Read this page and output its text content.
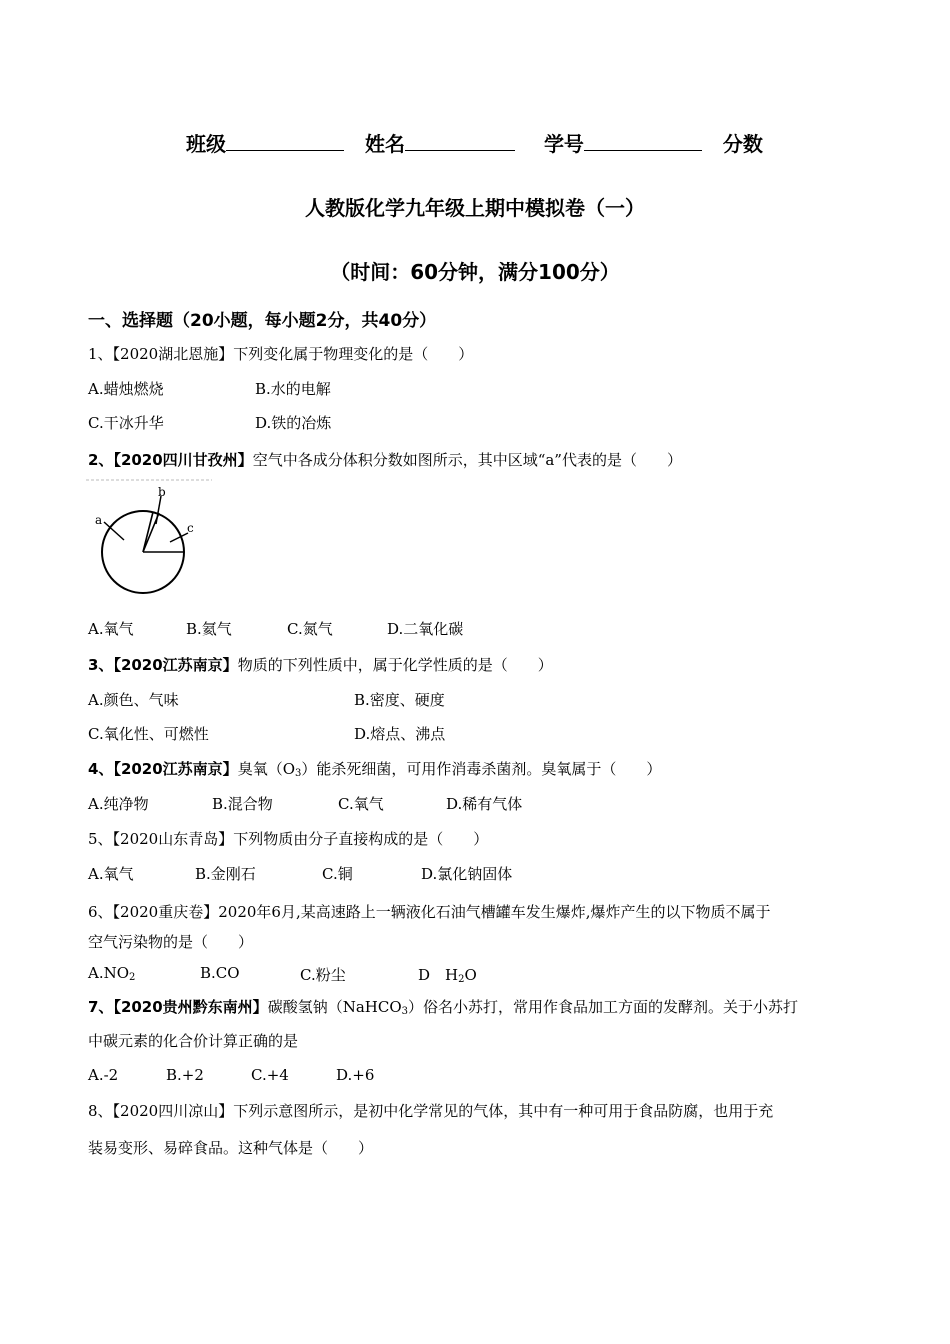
班级	姓名	学号	分数
人教版化学九年级上期中模拟卷（一）
（时间：60分钟，满分100分）
一、选择题（20小题，每小题2分，共40分）
1、【2020湖北恩施】下列变化属于物理变化的是（　　）
A.蜡烛燃烧	B.水的电解
C.干冰升华	D.铁的冶炼
2、【2020四川甘孜州】空气中各成分体积分数如图所示，其中区域“a”代表的是（　　）
a
b
c
A.氧气	B.氦气	C.氮气	D.二氧化碳
3、【2020江苏南京】物质的下列性质中，属于化学性质的是（　　）
A.颜色、气味	B.密度、硬度
C.氧化性、可燃性	D.熔点、沸点
4、【2020江苏南京】臭氧$(O_3)$能杀死细菌，可用作消毒杀菌剂。臭氧属于（　　）
A.纯净物	B.混合物	C.氧气	D.稀有气体
5、【2020山东青岛】下列物质由分子直接构成的是（　　）
A.氧气	B.金刚石	C.铜	D.氯化钠固体
6、【2020重庆卷】2020年6月,某高速路上一辆液化石油气槽罐车发生爆炸,爆炸产生的以下物质不属于
空气污染物的是（　　）
$A.NO_2$	B.CO	C.粉尘	D　$H_2O$
7、【2020贵州黔东南州】碳酸氢钠（NaHCO$_3$）俗名小苏打，常用作食品加工方面的发酵剂。关于小苏打
中碳元素的化合价计算正确的是
A.-2	B.+2	C.+4	D.+6
8、【2020四川凉山】下列示意图所示，是初中化学常见的气体，其中有一种可用于食品防腐，也用于充
装易变形、易碎食品。这种气体是（　　）
